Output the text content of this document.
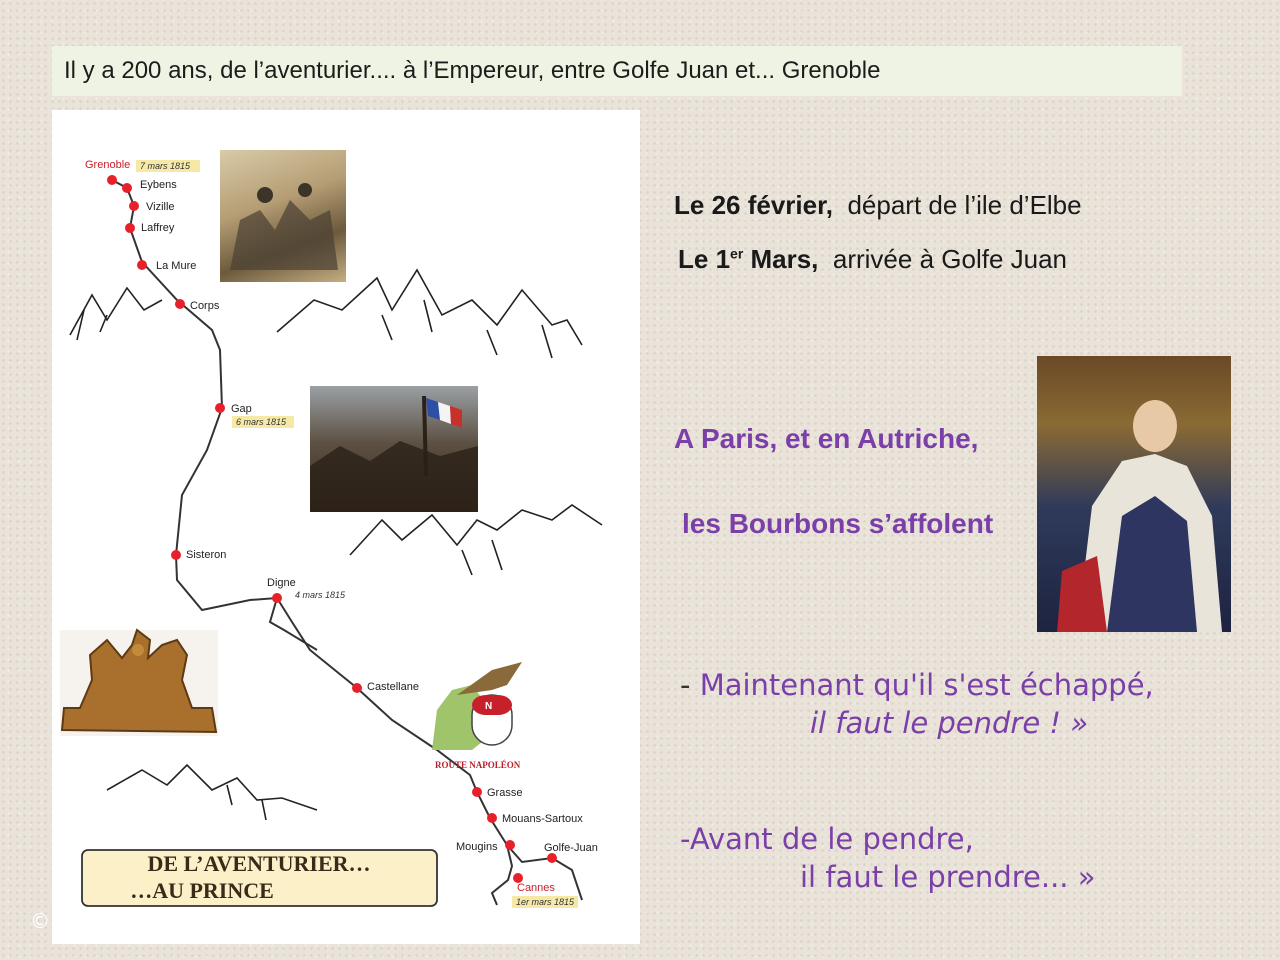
Il y a 200 ans, de l’aventurier.... à l’Empereur, entre Golfe Juan et... Grenoble
Grenoble
Eybens
Vizille
Laffrey
La Mure
Corps
Gap
Sisteron
Digne
Castellane
Grasse
Mouans-Sartoux
Mougins	Golfe-Juan
Cannes
7 mars 1815
6 mars 1815
4 mars 1815
1er mars 1815
N
ROUTE NAPOLÉON
DE L’AVENTURIER…
…AU PRINCE
©
Le 26 février, départ de l’ile d’Elbe
Le 1er Mars, arrivée à Golfe Juan
A Paris, et en Autriche,
les Bourbons s’affolent
- Maintenant qu'il s'est échappé,
il faut le pendre ! »
-Avant de le pendre,
il faut le prendre... »
